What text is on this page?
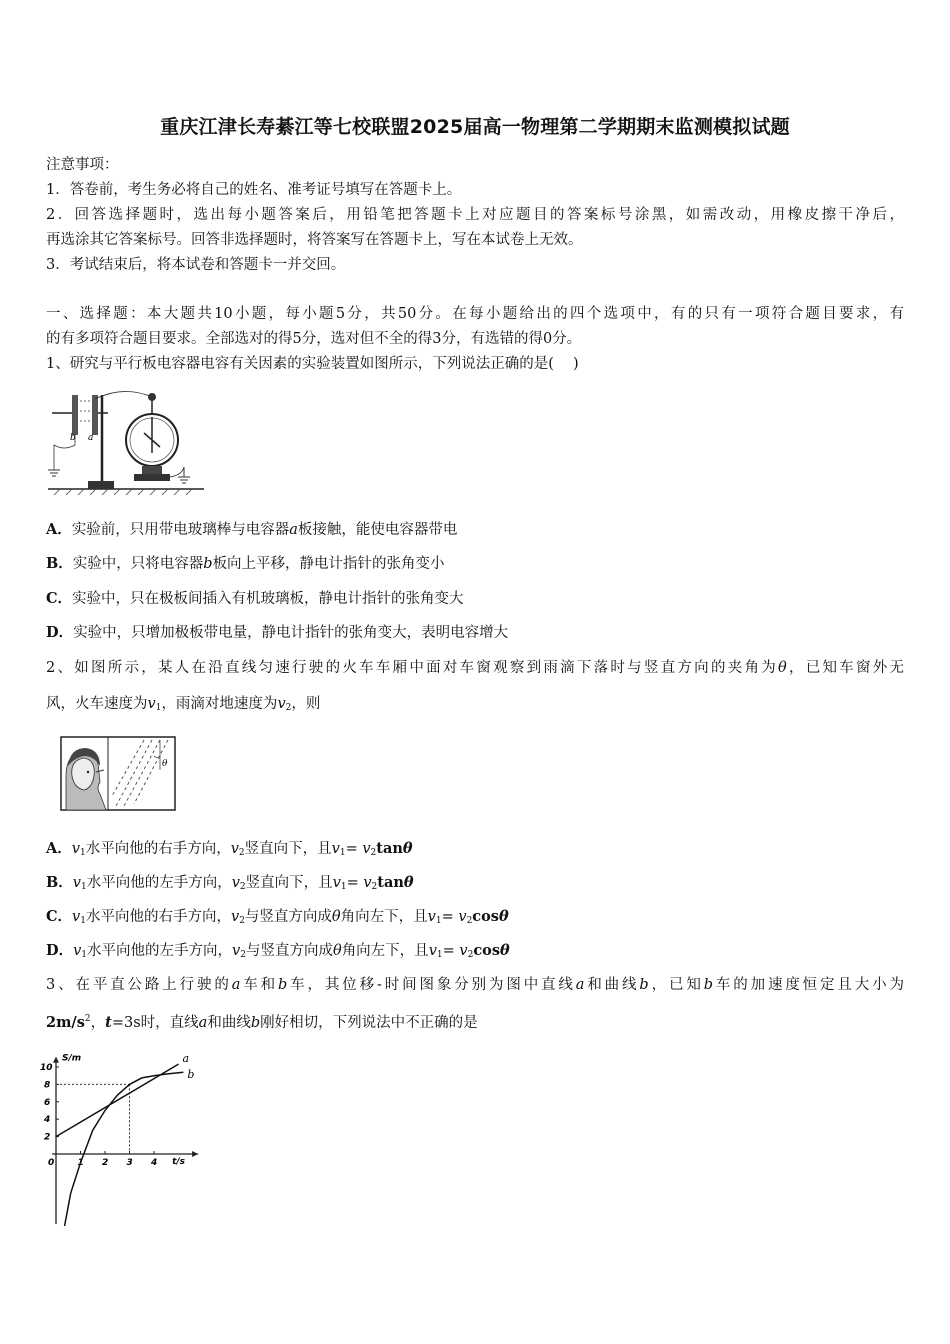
重庆江津长寿綦江等七校联盟2025届高一物理第二学期期末监测模拟试题
注意事项：
1．答卷前，考生务必将自己的姓名、准考证号填写在答题卡上。
2．回答选择题时，选出每小题答案后，用铅笔把答题卡上对应题目的答案标号涂黑，如需改动，用橡皮擦干净后，
再选涂其它答案标号。回答非选择题时，将答案写在答题卡上，写在本试卷上无效。
3．考试结束后，将本试卷和答题卡一并交回。
一、选择题：本大题共10小题，每小题5分，共50分。在每小题给出的四个选项中，有的只有一项符合题目要求，有
的有多项符合题目要求。全部选对的得5分，选对但不全的得3分，有选错的得0分。
1、研究与平行板电容器电容有关因素的实验装置如图所示，下列说法正确的是(　 )
b a
A．实验前，只用带电玻璃棒与电容器a板接触，能使电容器带电
B．实验中，只将电容器b板向上平移，静电计指针的张角变小
C．实验中，只在极板间插入有机玻璃板，静电计指针的张角变大
D．实验中，只增加极板带电量，静电计指针的张角变大，表明电容增大
2、如图所示，某人在沿直线匀速行驶的火车车厢中面对车窗观察到雨滴下落时与竖直方向的夹角为θ，已知车窗外无
风，火车速度为$v_1$，雨滴对地速度为$v_2$，则
θ
A．$v_1$水平向他的右手方向，$v_2$竖直向下，且$v_1= v_2\tan\theta$
B．$v_1$水平向他的左手方向，$v_2$竖直向下，且$v_1= v_2\tan\theta$
C．$v_1$水平向他的右手方向，$v_2$与竖直方向成θ角向左下，且$v_1= v_2\cos\theta$
D．$v_1$水平向他的左手方向，$v_2$与竖直方向成θ角向左下，且$v_1= v_2\cos\theta$
3、在平直公路上行驶的a车和b车，其位移-时间图象分别为图中直线a和曲线b，已知b车的加速度恒定且大小为
$2m/s^2$，t=3s时，直线a和曲线b刚好相切，下列说法中不正确的是
t/s
S/m
0	1 2 3 4
2
4
6
8
10
a
b
